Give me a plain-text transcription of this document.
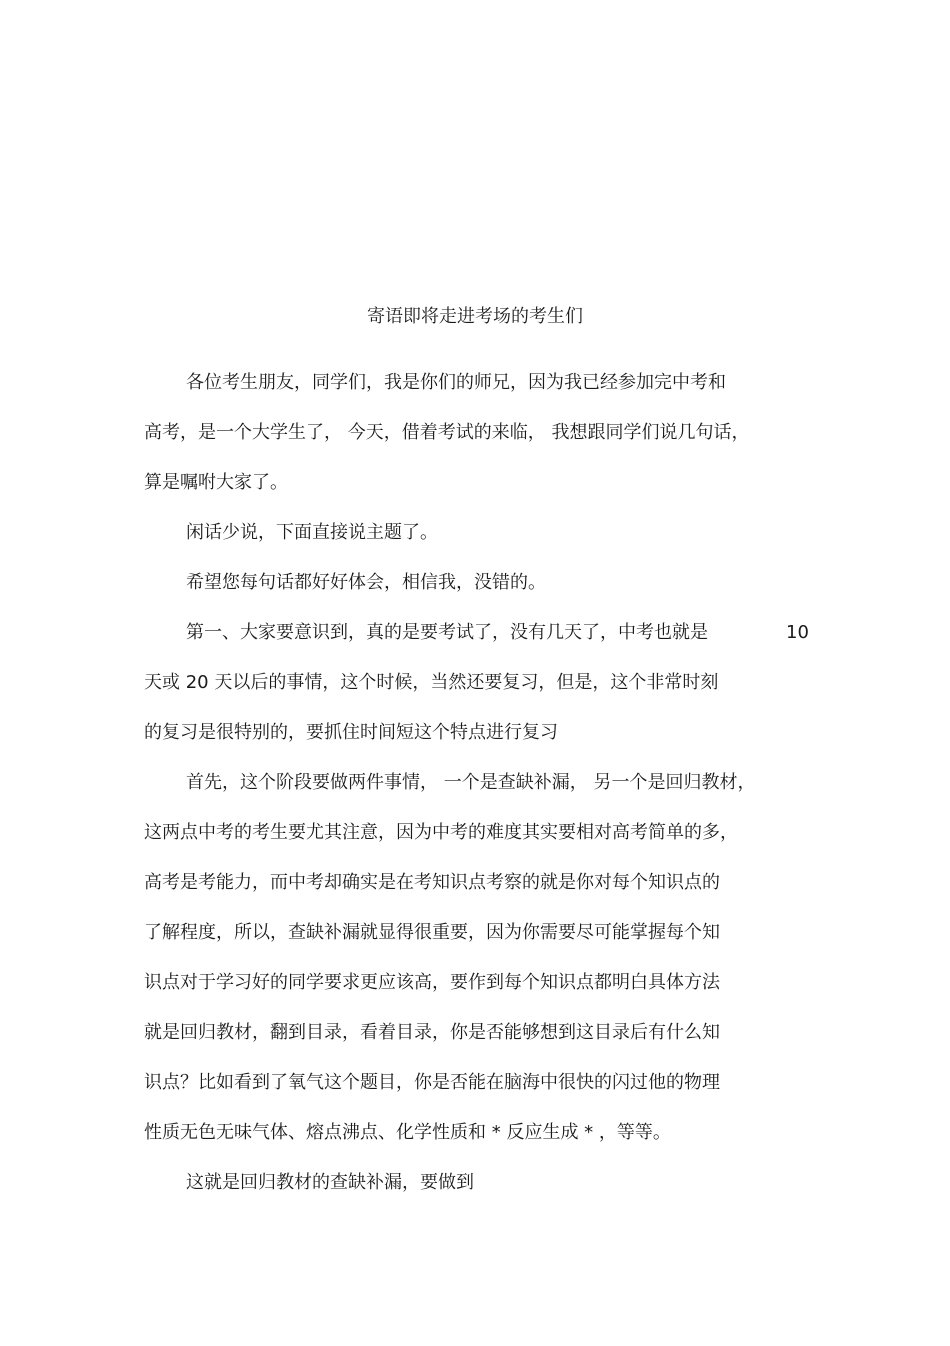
寄语即将走进考场的考生们
各位考生朋友，同学们，我是你们的师兄，因为我已经参加完中考和
高考，是一个大学生了， 今天，借着考试的来临， 我想跟同学们说几句话，
算是嘱咐大家了。
闲话少说，下面直接说主题了。
希望您每句话都好好体会，相信我，没错的。
第一、大家要意识到，真的是要考试了，没有几天了，中考也就是	10
天或 20 天以后的事情，这个时候，当然还要复习，但是，这个非常时刻
的复习是很特别的，要抓住时间短这个特点进行复习
首先，这个阶段要做两件事情， 一个是查缺补漏， 另一个是回归教材，
这两点中考的考生要尤其注意，因为中考的难度其实要相对高考简单的多，
高考是考能力，而中考却确实是在考知识点考察的就是你对每个知识点的
了解程度，所以，查缺补漏就显得很重要，因为你需要尽可能掌握每个知
识点对于学习好的同学要求更应该高，要作到每个知识点都明白具体方法
就是回归教材，翻到目录，看着目录，你是否能够想到这目录后有什么知
识点？比如看到了氧气这个题目，你是否能在脑海中很快的闪过他的物理
性质无色无味气体、熔点沸点、化学性质和 * 反应生成 * ，等等。
这就是回归教材的查缺补漏，要做到
